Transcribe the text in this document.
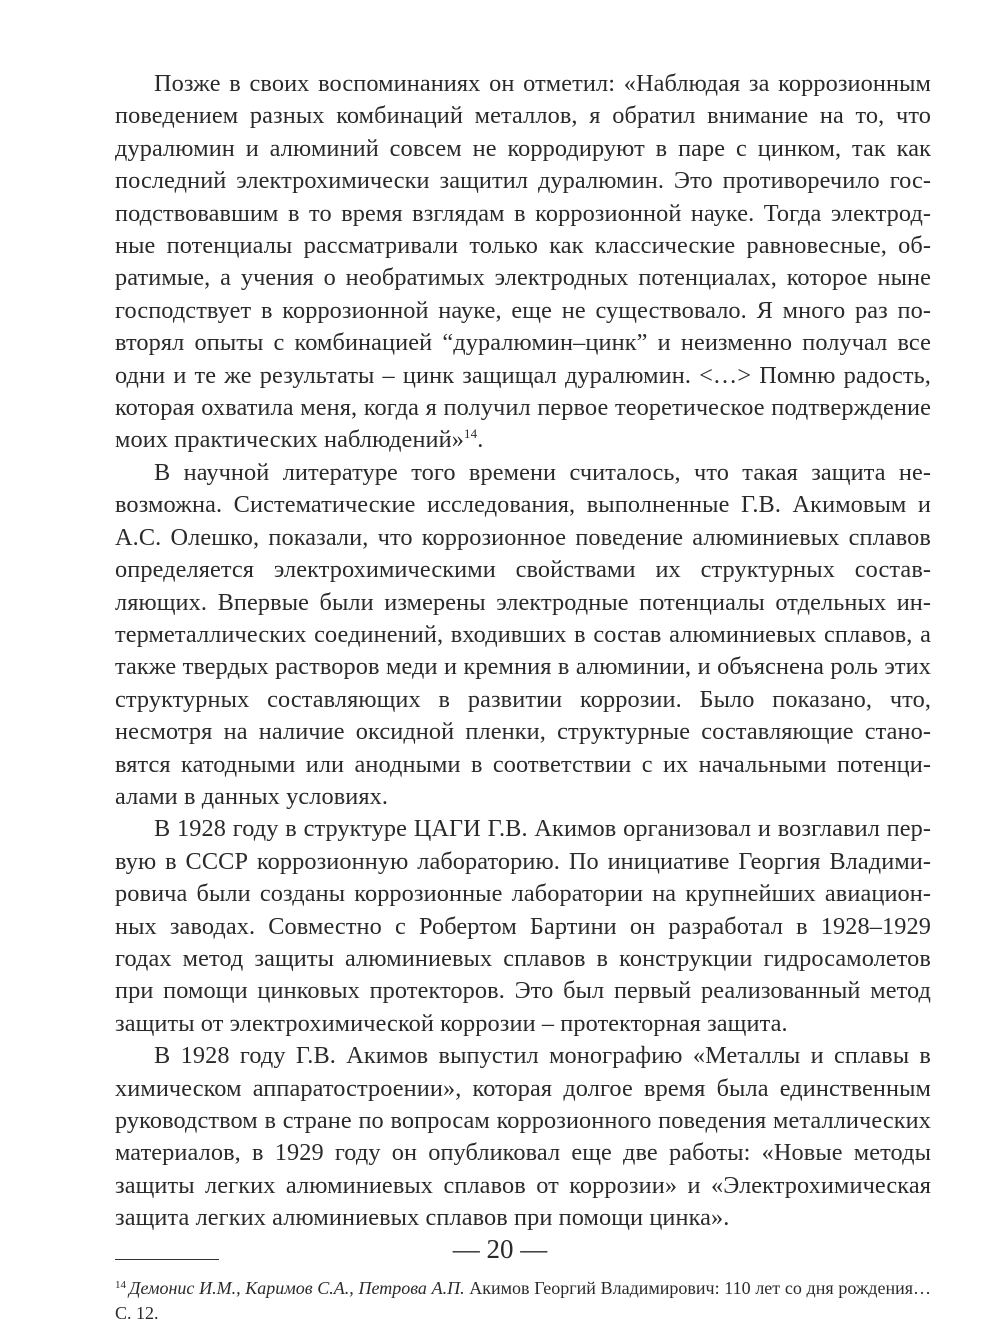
Позже в своих воспоминаниях он отметил: «Наблюдая за коррозионным поведением разных комбинаций металлов, я обратил внимание на то, что дуралюмин и алюминий совсем не корродируют в паре с цинком, так как последний электрохимически защитил дуралюмин. Это противоречило господствовавшим в то время взглядам в коррозионной науке. Тогда электродные потенциалы рассматривали только как классические равновесные, обратимые, а учения о необратимых электродных потенциалах, которое ныне господствует в коррозионной науке, еще не существовало. Я много раз повторял опыты с комбинацией “дуралюмин–цинк” и неизменно получал все одни и те же результаты – цинк защищал дуралюмин. <…> Помню радость, которая охватила меня, когда я получил первое теоретическое подтверждение моих практических наблюдений»$^{14}$.

В научной литературе того времени считалось, что такая защита невозможна. Систематические исследования, выполненные Г.В. Акимовым и А.С. Олешко, показали, что коррозионное поведение алюминиевых сплавов определяется электрохимическими свойствами их структурных составляющих. Впервые были измерены электродные потенциалы отдельных интерметаллических соединений, входивших в состав алюминиевых сплавов, а также твердых растворов меди и кремния в алюминии, и объяснена роль этих структурных составляющих в развитии коррозии. Было показано, что, несмотря на наличие оксидной пленки, структурные составляющие становятся катодными или анодными в соответствии с их начальными потенциалами в данных условиях.

В 1928 году в структуре ЦАГИ Г.В. Акимов организовал и возглавил первую в СССР коррозионную лабораторию. По инициативе Георгия Владимировича были созданы коррозионные лаборатории на крупнейших авиационных заводах. Совместно с Робертом Бартини он разработал в 1928–1929 годах метод защиты алюминиевых сплавов в конструкции гидросамолетов при помощи цинковых протекторов. Это был первый реализованный метод защиты от электрохимической коррозии – протекторная защита.

В 1928 году Г.В. Акимов выпустил монографию «Металлы и сплавы в химическом аппаратостроении», которая долгое время была единственным руководством в стране по вопросам коррозионного поведения металлических материалов, в 1929 году он опубликовал еще две работы: «Новые методы защиты легких алюминиевых сплавов от коррозии» и «Электрохимическая защита легких алюминиевых сплавов при помощи цинка».

$^{14}$ Демонис И.М., Каримов С.А., Петрова А.П. Акимов Георгий Владимирович: 110 лет со дня рождения… С. 12.

— 20 —
